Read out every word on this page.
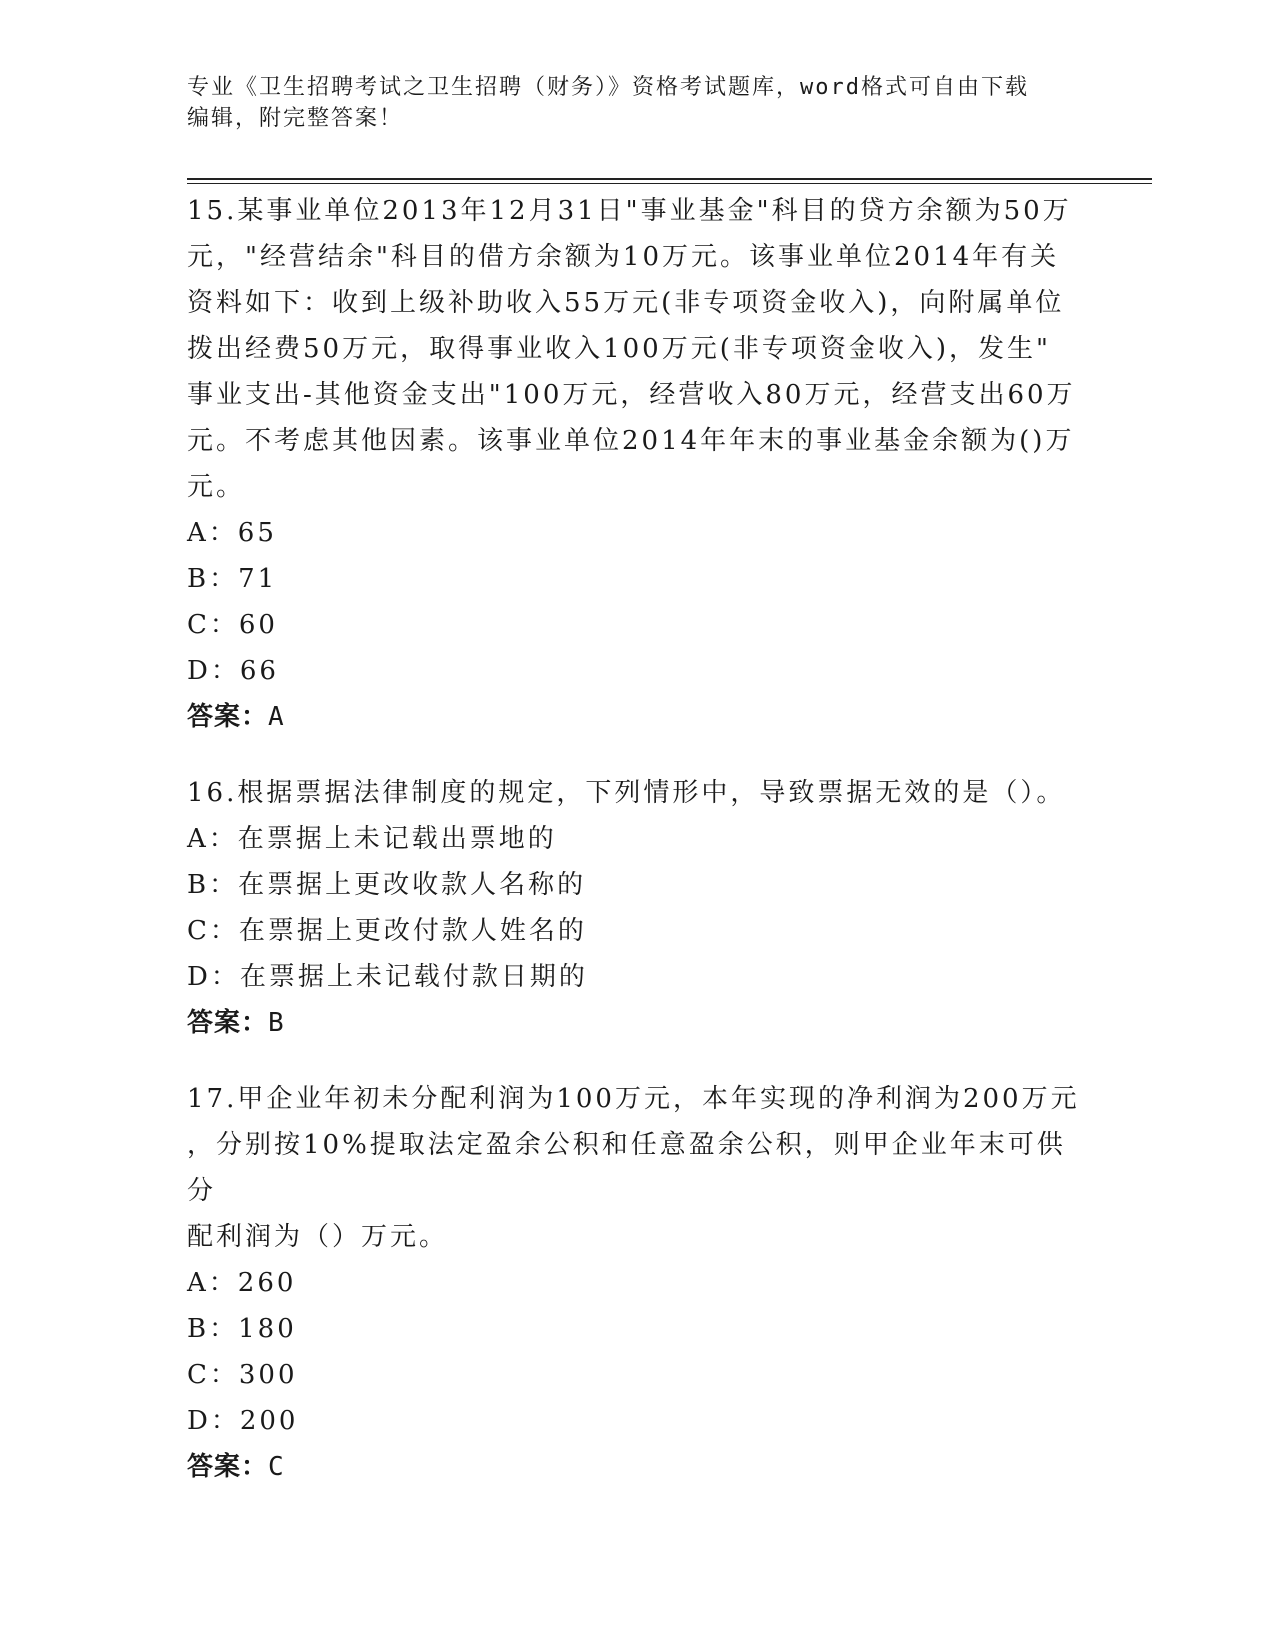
专业《卫生招聘考试之卫生招聘（财务）》资格考试题库，word格式可自由下载
编辑，附完整答案！

15.某事业单位2013年12月31日"事业基金"科目的贷方余额为50万

元，"经营结余"科目的借方余额为10万元。该事业单位2014年有关

资料如下：收到上级补助收入55万元(非专项资金收入)，向附属单位

拨出经费50万元，取得事业收入100万元(非专项资金收入)，发生"

事业支出-其他资金支出"100万元，经营收入80万元，经营支出60万

元。不考虑其他因素。该事业单位2014年年末的事业基金余额为()万

元。

A：65

B：71

C：60

D：66

答案：A

16.根据票据法律制度的规定，下列情形中，导致票据无效的是（）。

A：在票据上未记载出票地的

B：在票据上更改收款人名称的

C：在票据上更改付款人姓名的

D：在票据上未记载付款日期的

答案：B

17.甲企业年初未分配利润为100万元，本年实现的净利润为200万元

，分别按10%提取法定盈余公积和任意盈余公积，则甲企业年末可供分

配利润为（）万元。

A：260

B：180

C：300

D：200

答案：C
